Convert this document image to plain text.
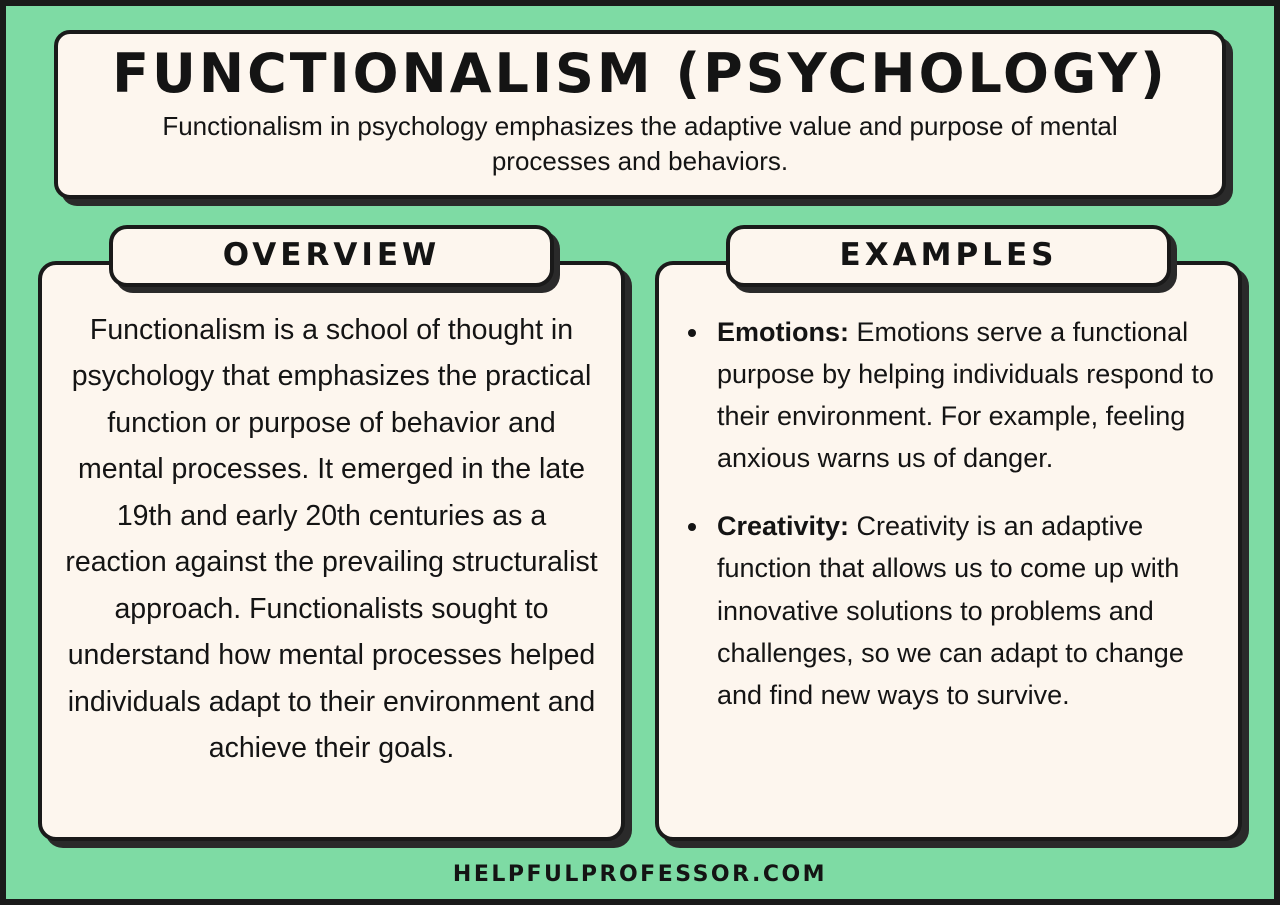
FUNCTIONALISM (PSYCHOLOGY)
Functionalism in psychology emphasizes the adaptive value and purpose of mental processes and behaviors.
OVERVIEW

Functionalism is a school of thought in psychology that emphasizes the practical function or purpose of behavior and mental processes. It emerged in the late 19th and early 20th centuries as a reaction against the prevailing structuralist approach. Functionalists sought to understand how mental processes helped individuals adapt to their environment and achieve their goals.

EXAMPLES
• Emotions: Emotions serve a functional purpose by helping individuals respond to their environment. For example, feeling anxious warns us of danger.
• Creativity: Creativity is an adaptive function that allows us to come up with innovative solutions to problems and challenges, so we can adapt to change and find new ways to survive.
HELPFULPROFESSOR.COM
